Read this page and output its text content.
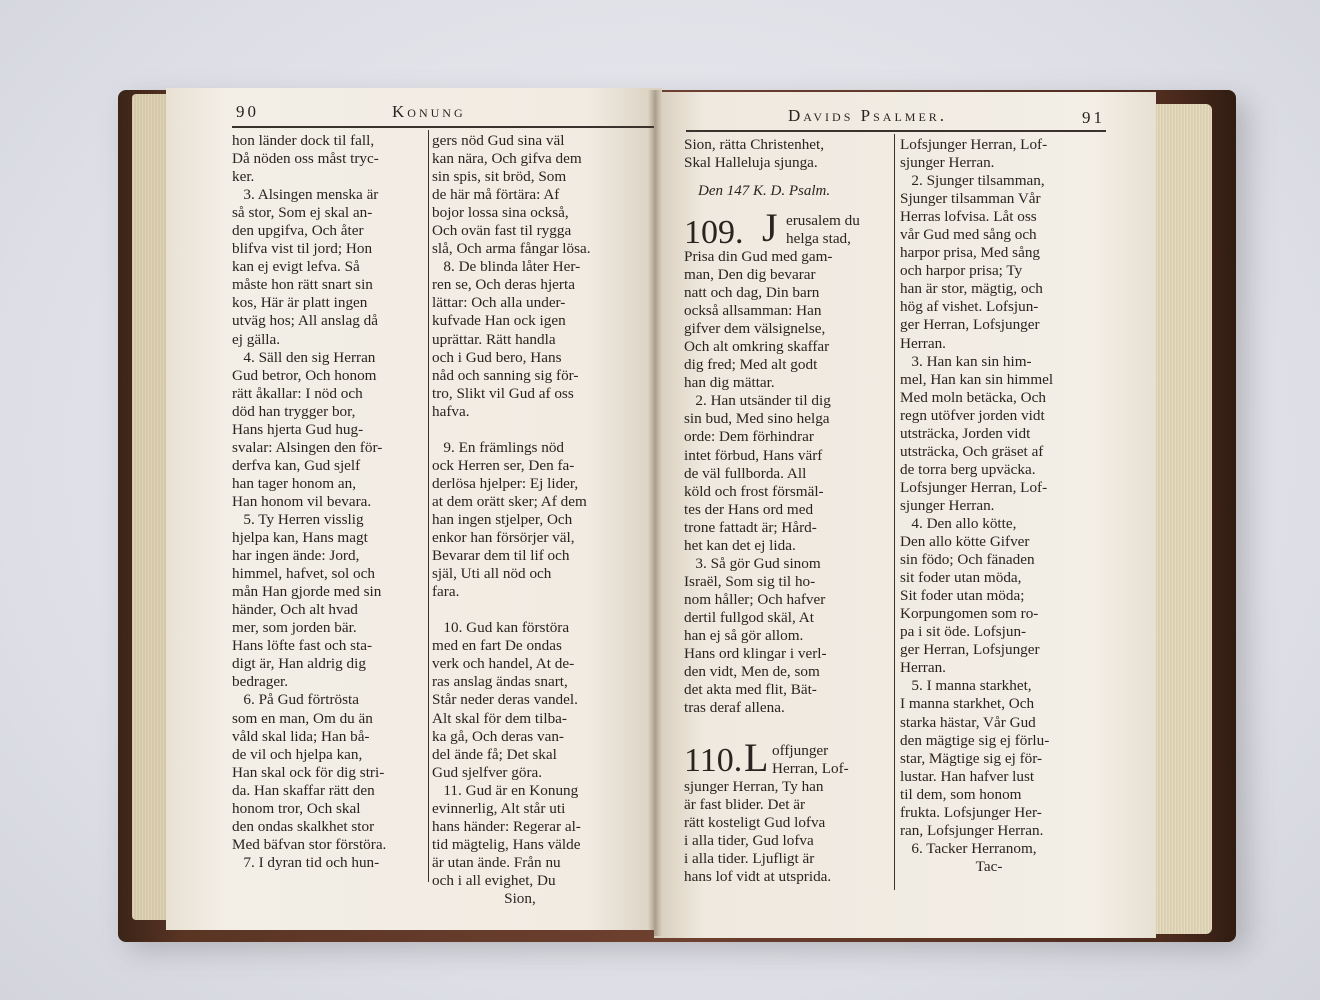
90	Konung
hon länder dock til fall,
Då nöden oss måst tryc-
ker.
3. Alsingen menska är
så stor, Som ej skal an-
den upgifva, Och åter
blifva vist til jord; Hon
kan ej evigt lefva. Så
måste hon rätt snart sin
kos, Här är platt ingen
utväg hos; All anslag då
ej gälla.
4. Säll den sig Herran
Gud betror, Och honom
rätt åkallar: I nöd och
död han trygger bor,
Hans hjerta Gud hug-
svalar: Alsingen den för-
derfva kan, Gud sjelf
han tager honom an,
Han honom vil bevara.
5. Ty Herren visslig
hjelpa kan, Hans magt
har ingen ände: Jord,
himmel, hafvet, sol och
mån Han gjorde med sin
händer, Och alt hvad
mer, som jorden bär.
Hans löfte fast och sta-
digt är, Han aldrig dig
bedrager.
6. På Gud förtrösta
som en man, Om du än
våld skal lida; Han bå-
de vil och hjelpa kan,
Han skal ock för dig stri-
da. Han skaffar rätt den
honom tror, Och skal
den ondas skalkhet stor
Med bäfvan stor förstöra.
7. I dyran tid och hun-
gers nöd Gud sina väl
kan nära, Och gifva dem
sin spis, sit bröd, Som
de här må förtära: Af
bojor lossa sina också,
Och ovän fast til rygga
slå, Och arma fångar lösa.
8. De blinda låter Her-
ren se, Och deras hjerta
lättar: Och alla under-
kufvade Han ock igen
uprättar. Rätt handla
och i Gud bero, Hans
nåd och sanning sig för-
tro, Slikt vil Gud af oss
hafva.
9. En främlings nöd
ock Herren ser, Den fa-
derlösa hjelper: Ej lider,
at dem orätt sker; Af dem
han ingen stjelper, Och
enkor han försörjer väl,
Bevarar dem til lif och
själ, Uti all nöd och
fara.
10. Gud kan förstöra
med en fart De ondas
verk och handel, At de-
ras anslag ändas snart,
Står neder deras vandel.
Alt skal för dem tilba-
ka gå, Och deras van-
del ände få; Det skal
Gud sjelfver göra.
11. Gud är en Konung
evinnerlig, Alt står uti
hans händer: Regerar al-
tid mägtelig, Hans välde
är utan ände. Från nu
och i all evighet, Du
Sion,
Davids Psalmer.	91
Sion, rätta Christenhet,
Skal Halleluja sjunga.
Den 147 K. D. Psalm.
109. J erusalem du
helga stad,
Prisa din Gud med gam-
man, Den dig bevarar
natt och dag, Din barn
också allsamman: Han
gifver dem välsignelse,
Och alt omkring skaffar
dig fred; Med alt godt
han dig mättar.
2. Han utsänder til dig
sin bud, Med sino helga
orde: Dem förhindrar
intet förbud, Hans värf
de väl fullborda. All
köld och frost försmäl-
tes der Hans ord med
trone fattadt är; Hård-
het kan det ej lida.
3. Så gör Gud sinom
Israël, Som sig til ho-
nom håller; Och hafver
dertil fullgod skäl, At
han ej så gör allom.
Hans ord klingar i verl-
den vidt, Men de, som
det akta med flit, Bät-
tras deraf allena.
110. L offjunger
Herran, Lof-
sjunger Herran, Ty han
är fast blider. Det är
rätt kosteligt Gud lofva
i alla tider, Gud lofva
i alla tider. Ljufligt är
hans lof vidt at utsprida.
Lofsjunger Herran, Lof-
sjunger Herran.
2. Sjunger tilsamman,
Sjunger tilsamman Vår
Herras lofvisa. Låt oss
vår Gud med sång och
harpor prisa, Med sång
och harpor prisa; Ty
han är stor, mägtig, och
hög af vishet. Lofsjun-
ger Herran, Lofsjunger
Herran.
3. Han kan sin him-
mel, Han kan sin himmel
Med moln betäcka, Och
regn utöfver jorden vidt
utsträcka, Jorden vidt
utsträcka, Och gräset af
de torra berg upväcka.
Lofsjunger Herran, Lof-
sjunger Herran.
4. Den allo kötte,
Den allo kötte Gifver
sin födo; Och fänaden
sit foder utan möda,
Sit foder utan möda;
Korpungomen som ro-
pa i sit öde. Lofsjun-
ger Herran, Lofsjunger
Herran.
5. I manna starkhet,
I manna starkhet, Och
starka hästar, Vår Gud
den mägtige sig ej förlu-
star, Mägtige sig ej för-
lustar. Han hafver lust
til dem, som honom
frukta. Lofsjunger Her-
ran, Lofsjunger Herran.
6. Tacker Herranom,
Tac-
